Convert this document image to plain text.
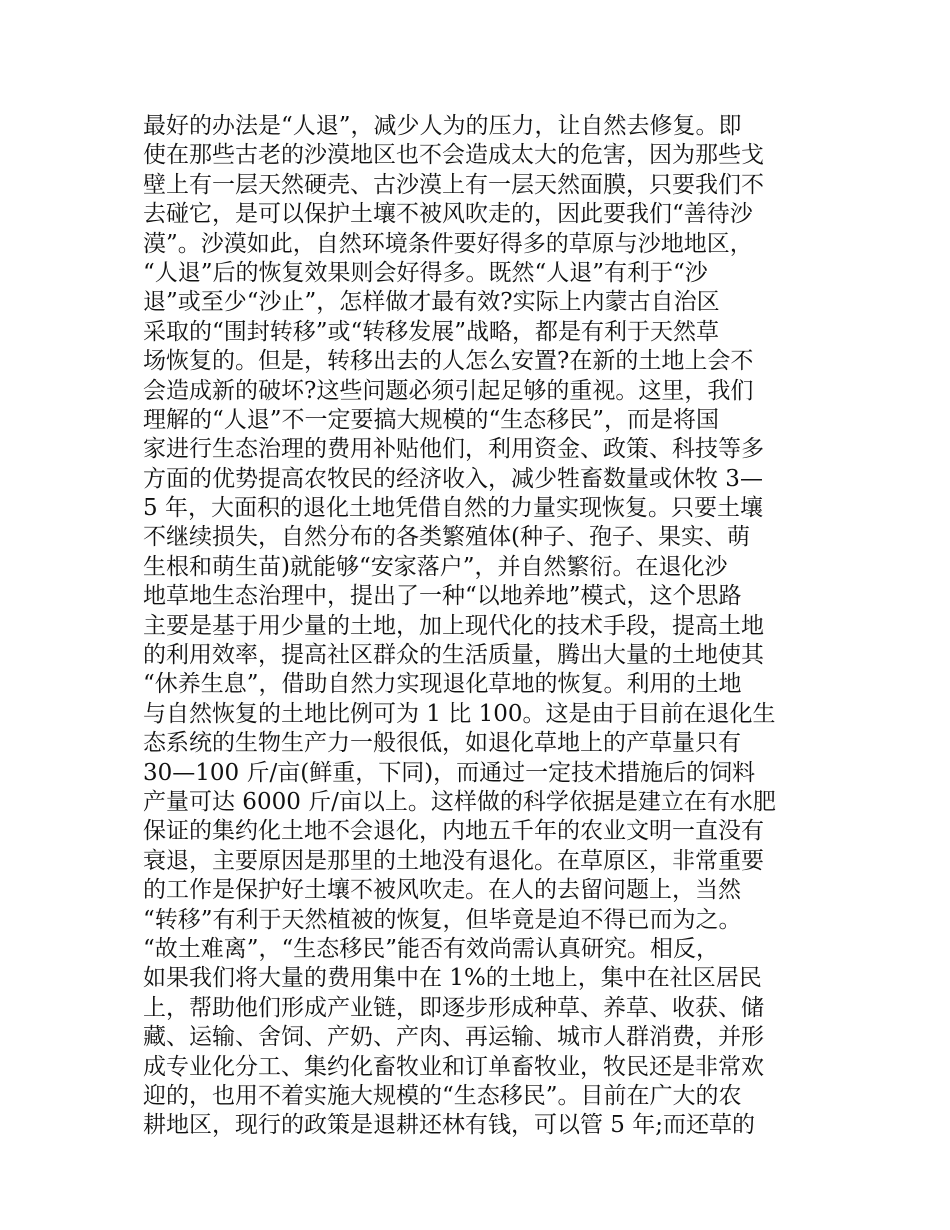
最好的办法是“人退”，减少人为的压力，让自然去修复。即
使在那些古老的沙漠地区也不会造成太大的危害，因为那些戈
壁上有一层天然硬壳、古沙漠上有一层天然面膜，只要我们不
去碰它，是可以保护土壤不被风吹走的，因此要我们“善待沙
漠”。沙漠如此，自然环境条件要好得多的草原与沙地地区，
“人退”后的恢复效果则会好得多。既然“人退”有利于“沙
退”或至少“沙止”，怎样做才最有效?实际上内蒙古自治区
采取的“围封转移”或“转移发展”战略，都是有利于天然草
场恢复的。但是，转移出去的人怎么安置?在新的土地上会不
会造成新的破坏?这些问题必须引起足够的重视。这里，我们
理解的“人退”不一定要搞大规模的“生态移民”，而是将国
家进行生态治理的费用补贴他们，利用资金、政策、科技等多
方面的优势提高农牧民的经济收入，减少牲畜数量或休牧 3—
5 年，大面积的退化土地凭借自然的力量实现恢复。只要土壤
不继续损失，自然分布的各类繁殖体(种子、孢子、果实、萌
生根和萌生苗)就能够“安家落户”，并自然繁衍。在退化沙
地草地生态治理中，提出了一种“以地养地”模式，这个思路
主要是基于用少量的土地，加上现代化的技术手段，提高土地
的利用效率，提高社区群众的生活质量，腾出大量的土地使其
“休养生息”，借助自然力实现退化草地的恢复。利用的土地
与自然恢复的土地比例可为 1 比 100。这是由于目前在退化生
态系统的生物生产力一般很低，如退化草地上的产草量只有
30—100 斤/亩(鲜重，下同)，而通过一定技术措施后的饲料
产量可达 6000 斤/亩以上。这样做的科学依据是建立在有水肥
保证的集约化土地不会退化，内地五千年的农业文明一直没有
衰退，主要原因是那里的土地没有退化。在草原区，非常重要
的工作是保护好土壤不被风吹走。在人的去留问题上，当然
“转移”有利于天然植被的恢复，但毕竟是迫不得已而为之。
“故土难离”，“生态移民”能否有效尚需认真研究。相反，
如果我们将大量的费用集中在 1%的土地上，集中在社区居民
上，帮助他们形成产业链，即逐步形成种草、养草、收获、储
藏、运输、舍饲、产奶、产肉、再运输、城市人群消费，并形
成专业化分工、集约化畜牧业和订单畜牧业，牧民还是非常欢
迎的，也用不着实施大规模的“生态移民”。目前在广大的农
耕地区，现行的政策是退耕还林有钱，可以管 5 年;而还草的
